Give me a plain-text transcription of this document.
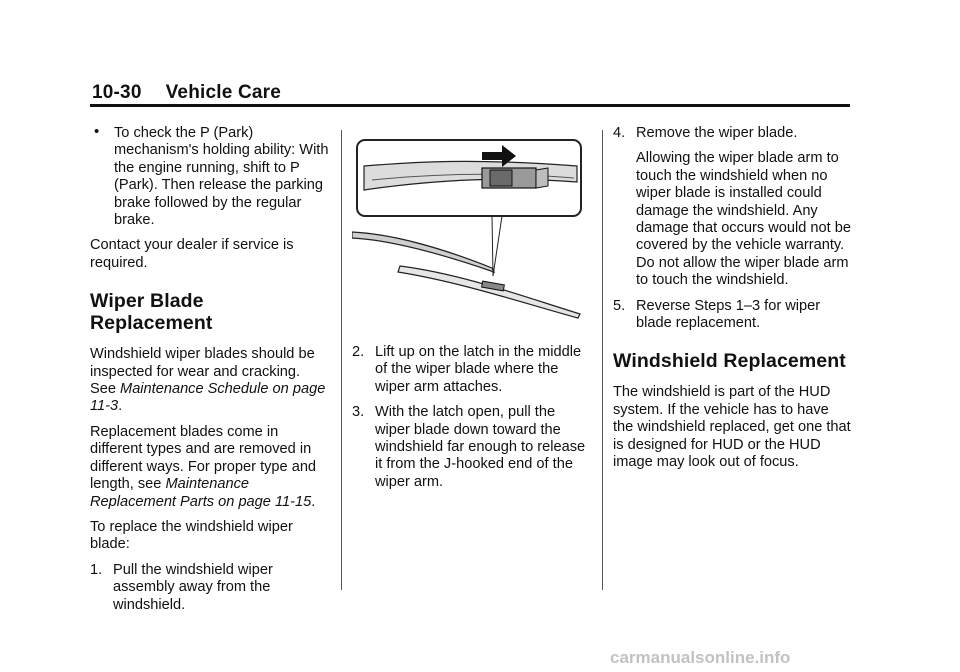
10-30 Vehicle Care

• To check the P (Park) mechanism's holding ability: With the engine running, shift to P (Park). Then release the parking brake followed by the regular brake.

Contact your dealer if service is required.

Wiper Blade Replacement

Windshield wiper blades should be inspected for wear and cracking. See Maintenance Schedule on page 11-3.

Replacement blades come in different types and are removed in different ways. For proper type and length, see Maintenance Replacement Parts on page 11-15.

To replace the windshield wiper blade:

1. Pull the windshield wiper assembly away from the windshield.

2. Lift up on the latch in the middle of the wiper blade where the wiper arm attaches.

3. With the latch open, pull the wiper blade down toward the windshield far enough to release it from the J-hooked end of the wiper arm.

4. Remove the wiper blade.

Allowing the wiper blade arm to touch the windshield when no wiper blade is installed could damage the windshield. Any damage that occurs would not be covered by the vehicle warranty. Do not allow the wiper blade arm to touch the windshield.

5. Reverse Steps 1–3 for wiper blade replacement.

Windshield Replacement

The windshield is part of the HUD system. If the vehicle has to have the windshield replaced, get one that is designed for HUD or the HUD image may look out of focus.

carmanualsonline.info
